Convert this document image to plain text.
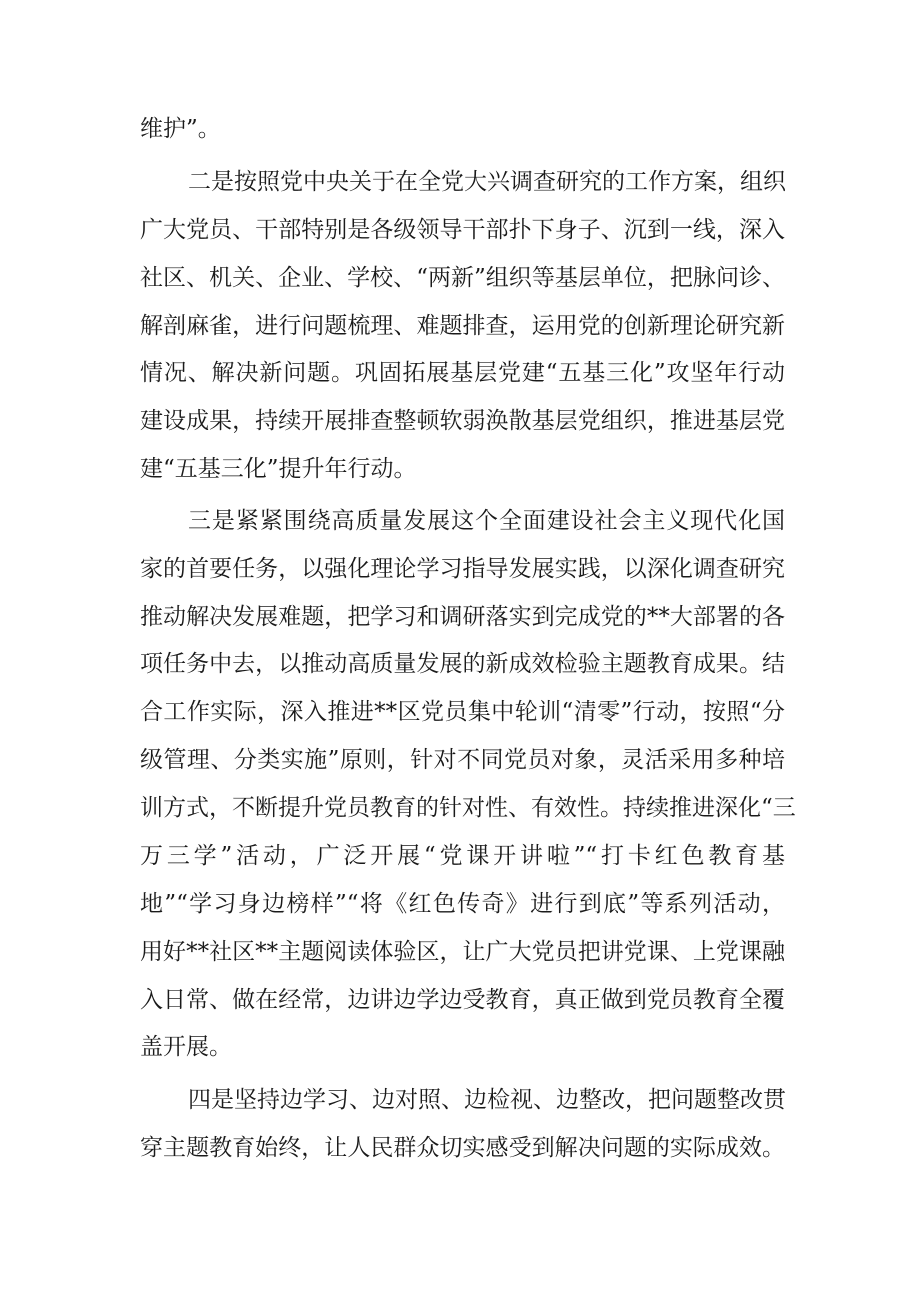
维护”。
二是按照党中央关于在全党大兴调查研究的工作方案，组织
广大党员、干部特别是各级领导干部扑下身子、沉到一线，深入
社区、机关、企业、学校、“两新”组织等基层单位，把脉问诊、
解剖麻雀，进行问题梳理、难题排查，运用党的创新理论研究新
情况、解决新问题。巩固拓展基层党建“五基三化”攻坚年行动
建设成果，持续开展排查整顿软弱涣散基层党组织，推进基层党
建“五基三化”提升年行动。
三是紧紧围绕高质量发展这个全面建设社会主义现代化国
家的首要任务，以强化理论学习指导发展实践，以深化调查研究
推动解决发展难题，把学习和调研落实到完成党的**大部署的各
项任务中去，以推动高质量发展的新成效检验主题教育成果。结
合工作实际，深入推进**区党员集中轮训“清零”行动，按照“分
级管理、分类实施”原则，针对不同党员对象，灵活采用多种培
训方式，不断提升党员教育的针对性、有效性。持续推进深化“三
万三学”活动，广泛开展“党课开讲啦”“打卡红色教育基
地”“学习身边榜样”“将《红色传奇》进行到底”等系列活动，
用好**社区**主题阅读体验区，让广大党员把讲党课、上党课融
入日常、做在经常，边讲边学边受教育，真正做到党员教育全覆
盖开展。
四是坚持边学习、边对照、边检视、边整改，把问题整改贯
穿主题教育始终，让人民群众切实感受到解决问题的实际成效。
